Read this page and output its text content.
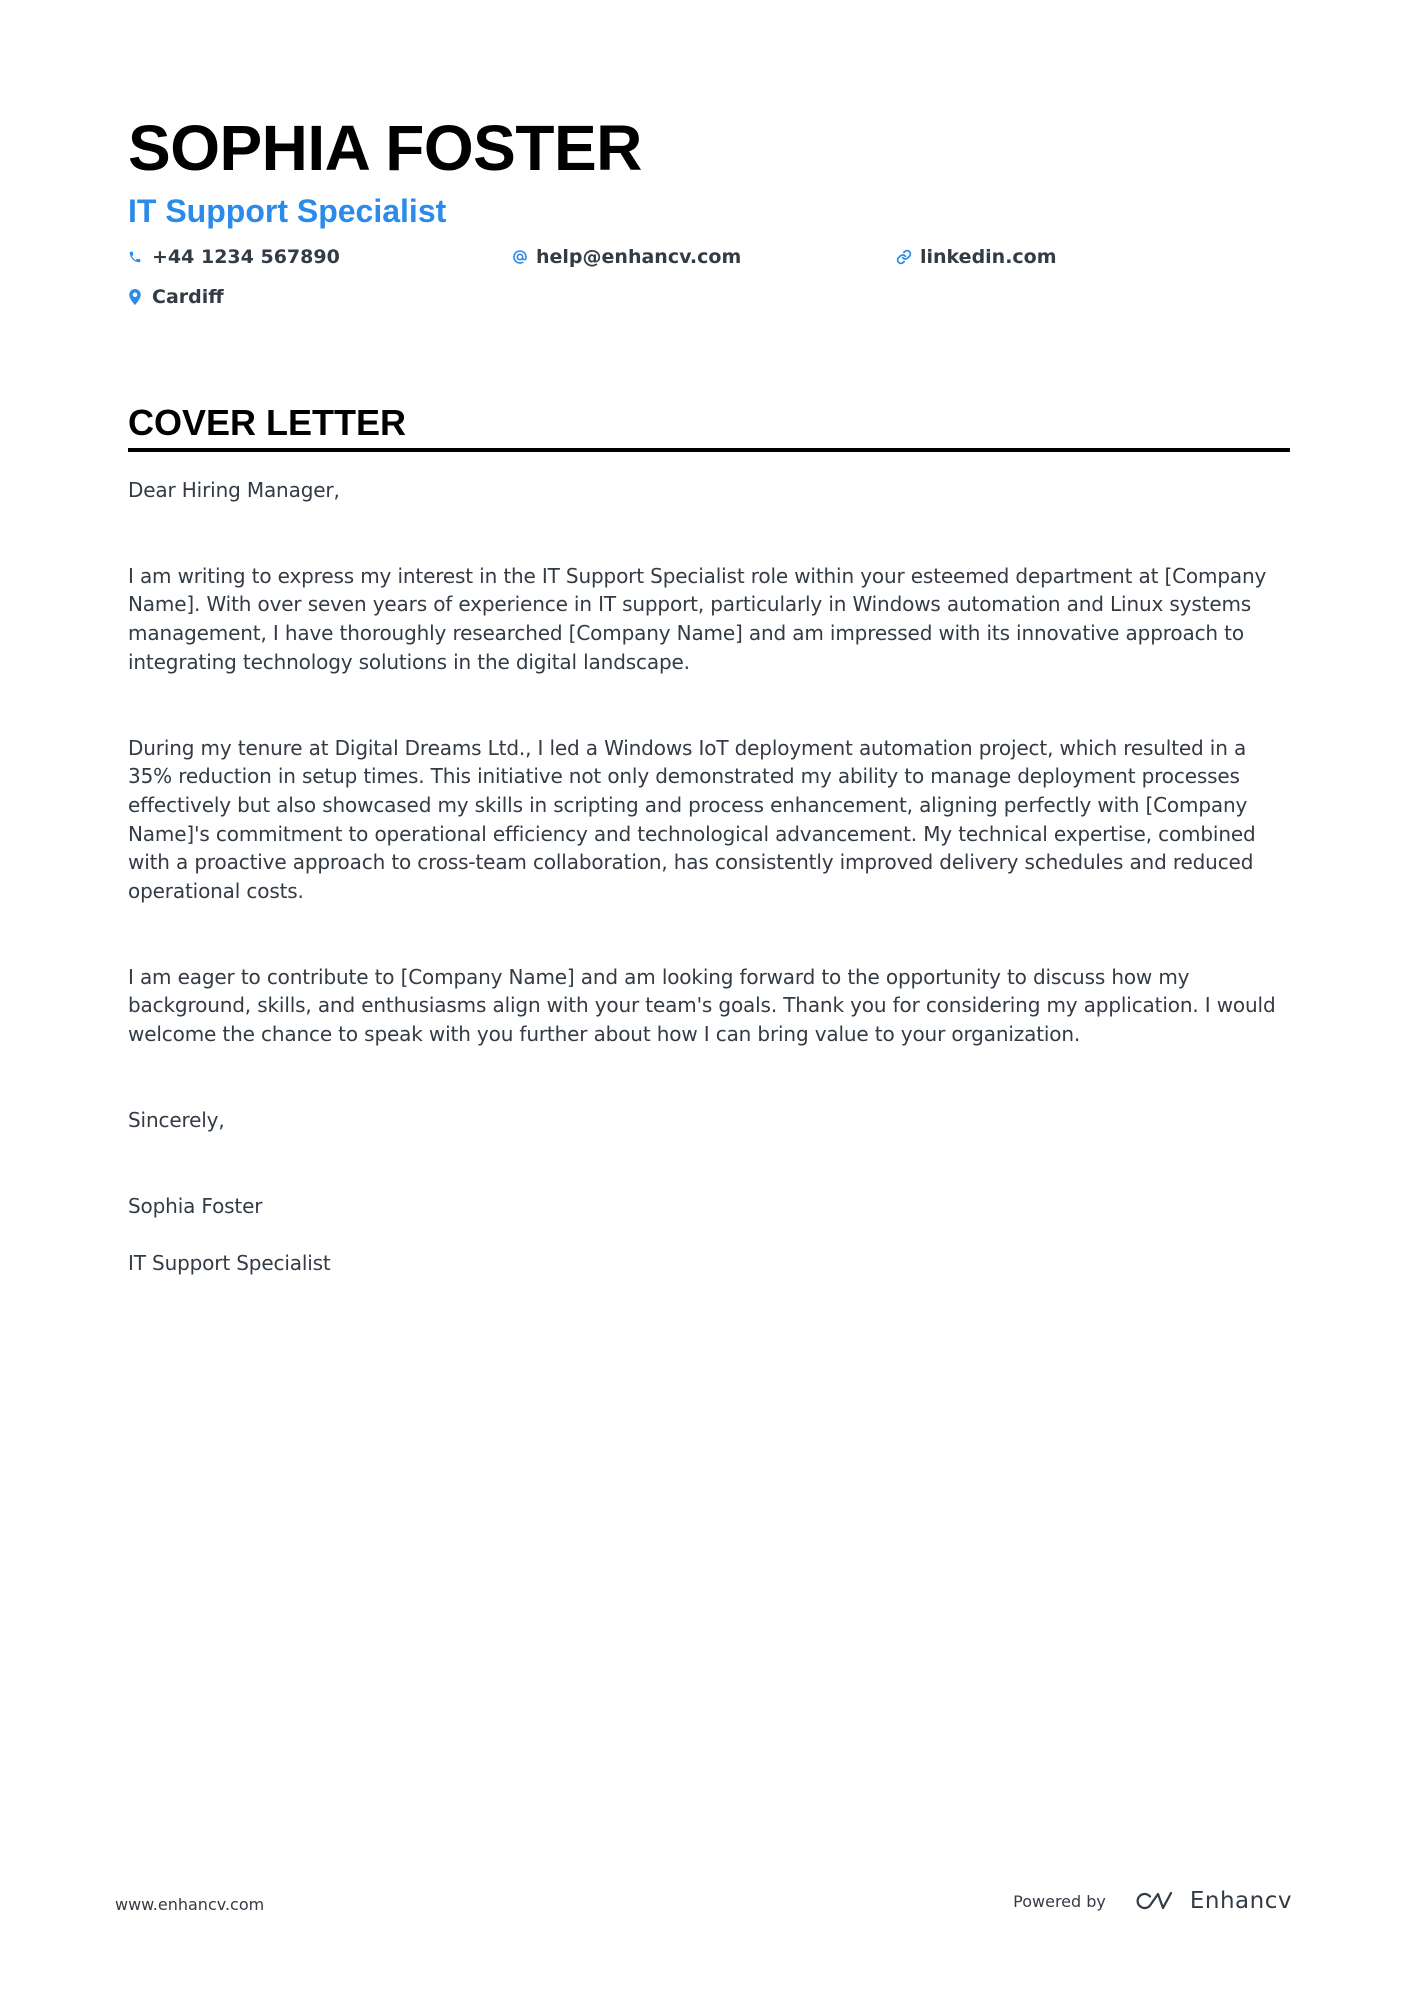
SOPHIA FOSTER
IT Support Specialist
+44 1234 567890	help@enhancv.com	linkedin.com
Cardiff
COVER LETTER

Dear Hiring Manager,

I am writing to express my interest in the IT Support Specialist role within your esteemed department at [Company Name]. With over seven years of experience in IT support, particularly in Windows automation and Linux systems management, I have thoroughly researched [Company Name] and am impressed with its innovative approach to integrating technology solutions in the digital landscape.

During my tenure at Digital Dreams Ltd., I led a Windows IoT deployment automation project, which resulted in a 35% reduction in setup times. This initiative not only demonstrated my ability to manage deployment processes effectively but also showcased my skills in scripting and process enhancement, aligning perfectly with [Company Name]'s commitment to operational efficiency and technological advancement. My technical expertise, combined with a proactive approach to cross-team collaboration, has consistently improved delivery schedules and reduced operational costs.

I am eager to contribute to [Company Name] and am looking forward to the opportunity to discuss how my background, skills, and enthusiasms align with your team's goals. Thank you for considering my application. I would welcome the chance to speak with you further about how I can bring value to your organization.

Sincerely,

Sophia Foster

IT Support Specialist

www.enhancv.com	Powered by	Enhancv
